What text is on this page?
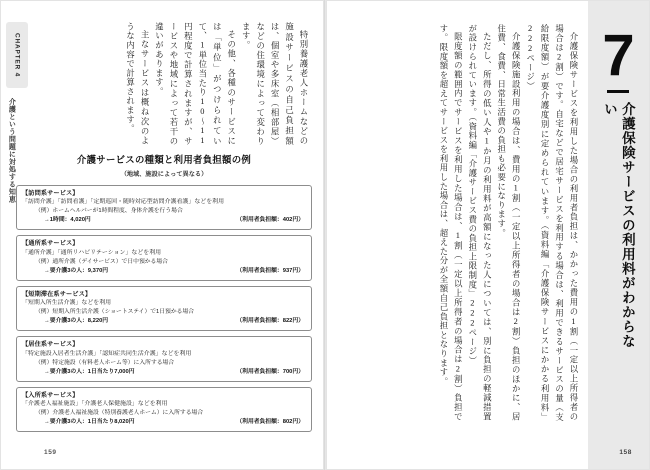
CHAPTER 4
介護という問題に対処する知恵

特別養護老人ホームなどの施設サービスの自己負担額は、個室や多床室（相部屋）などの住環境によって変わります。

その他、各種のサービスには「単位」がつけられていて、1単位当たり10〜11円程度で計算されますが、サービスや地域によって若干の違いがあります。

主なサービスは概ね次のような内容で計算されます。

介護サービスの種類と利用者負担額の例
（地域、施設によって異なる）
【訪問系サービス】
「訪問介護」「訪問看護」「定期巡回・随時対応型訪問介護看護」などを利用
（例）ホームヘルパーが1時間程度、身体介護を行う場合
→1時間：4,020円	（利用者負担額：402円）
【通所系サービス】
「通所介護」「通所リハビリテーション」などを利用
（例）通所介護（デイサービス）で日中預かる場合
→要介護3の人：9,370円	（利用者負担額：937円）
【短期滞在系サービス】
「短期入所生活介護」などを利用
（例）短期入所生活介護（ショートステイ）で1日預かる場合
→要介護3の人：8,220円	（利用者負担額：822円）
【居住系サービス】
「特定施設入居者生活介護」「認知症共同生活介護」などを利用
（例）特定施設（有料老人ホーム等）に入所する場合
→要介護3の人：1日当たり7,000円	（利用者負担額：700円）
【入所系サービス】
「介護老人福祉施設」「介護老人保健施設」などを利用
（例）介護老人福祉施設（特別養護老人ホーム）に入所する場合
→要介護3の人：1日当たり8,020円	（利用者負担額：802円）
159
7
介護保険サービスの利用料がわからない

介護保険サービスを利用した場合の利用者負担は、かかった費用の1割（一定以上所得者の場合は2割）です。自宅などで居宅サービスを利用する場合は、利用できるサービスの量（支給限度額）が要介護度別に定められています。（資料編「介護保険サービスにかかる利用料」222ページ）

介護保険施設利用の場合は、費用の1割（一定以上所得者の場合は2割）負担のほかに、居住費、食費、日常生活費の負担も必要になります。

ただし、所得の低い人や1か月の利用料が高額になった人については、別に負担の軽減措置が設けられています。（資料編「介護サービス費の負担上限制度」222ページ）

限度額の範囲内でサービスを利用した場合は、1割（一定以上所得者の場合は2割）負担です。限度額を超えてサービスを利用した場合は、超えた分が全額自己負担となります。

158
